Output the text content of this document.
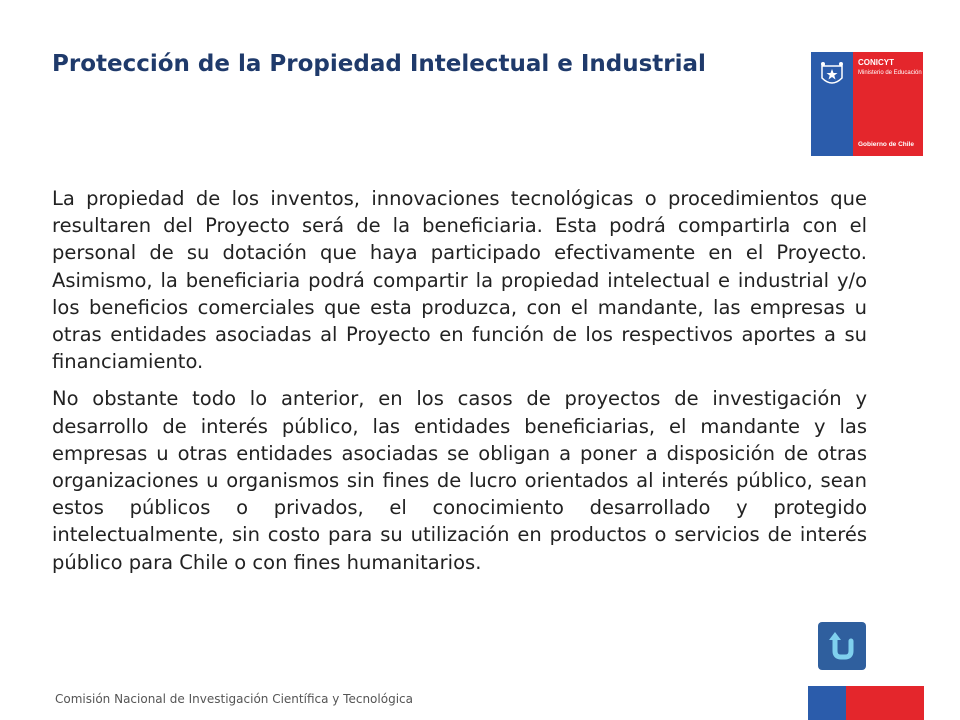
Protección de la Propiedad Intelectual e Industrial	CONICYT
Ministerio de Educación
Gobierno de Chile

La propiedad de los inventos, innovaciones tecnológicas o procedimientos que resultaren del Proyecto será de la beneficiaria. Esta podrá compartirla con el personal de su dotación que haya participado efectivamente en el Proyecto. Asimismo, la beneficiaria podrá compartir la propiedad intelectual e industrial y/o los beneficios comerciales que esta produzca, con el mandante, las empresas u otras entidades asociadas al Proyecto en función de los respectivos aportes a su financiamiento.

No obstante todo lo anterior, en los casos de proyectos de investigación y desarrollo de interés público, las entidades beneficiarias, el mandante y las empresas u otras entidades asociadas se obligan a poner a disposición de otras organizaciones u organismos sin fines de lucro orientados al interés público, sean estos públicos o privados, el conocimiento desarrollado y protegido intelectualmente, sin costo para su utilización en productos o servicios de interés público para Chile o con fines humanitarios.

Comisión Nacional de Investigación Científica y Tecnológica
